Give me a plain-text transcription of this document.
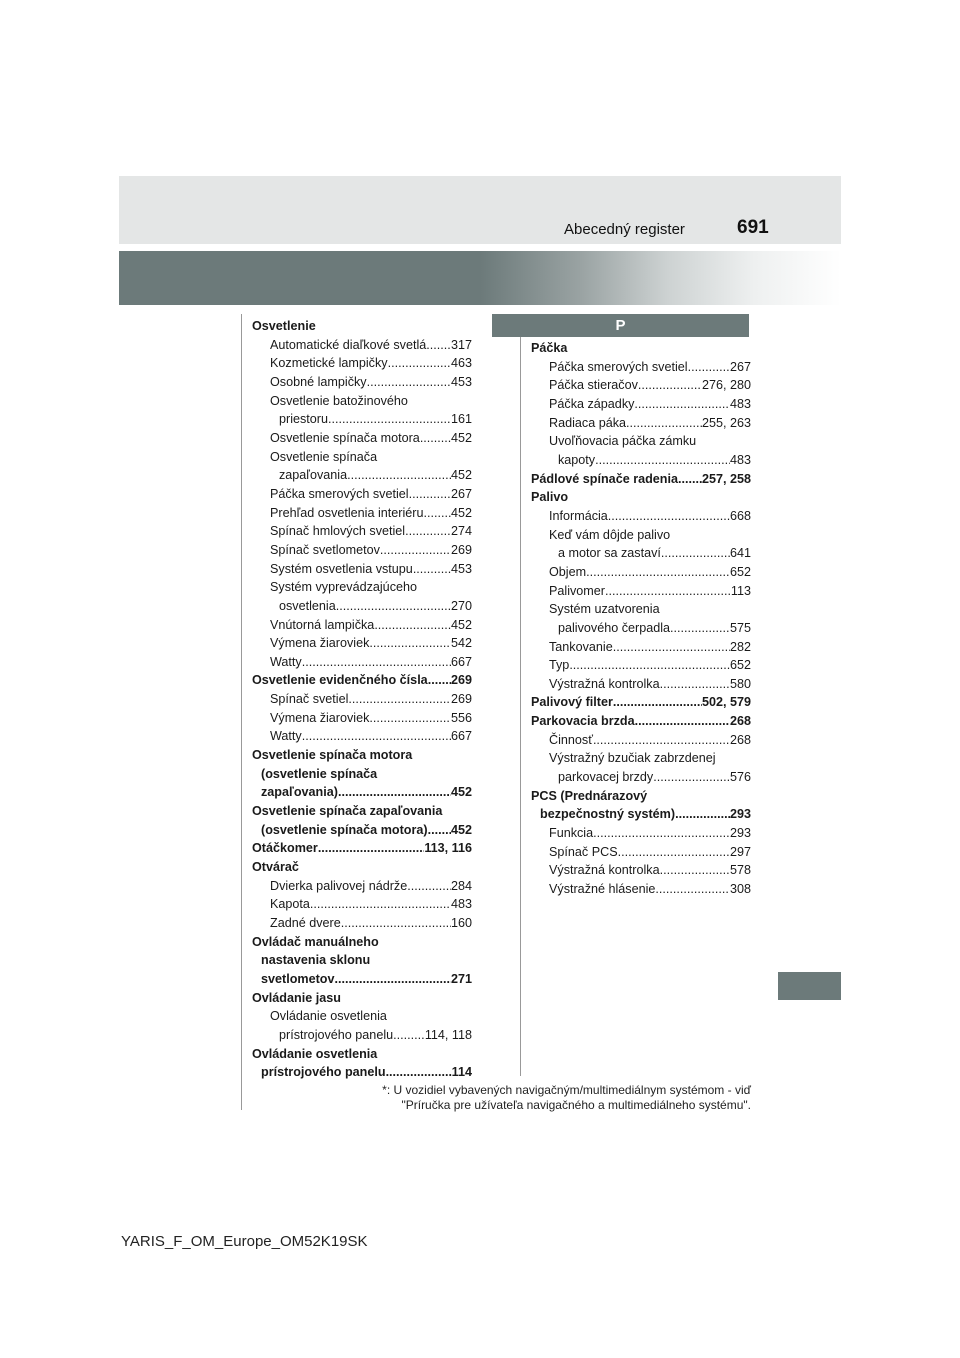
Abecedný register	691
P
Osvetlenie
Automatické diaľkové svetlá ..... 317
Kozmetické lampičky .....	463
Osobné lampičky .....	453
Osvetlenie batožinového
priestoru .....	161
Osvetlenie spínača motora ..... 452
Osvetlenie spínača
zapaľovania .....	452
Páčka smerových svetiel .....	267
Prehľad osvetlenia interiéru ..... 452
Spínač hmlových svetiel .....	274
Spínač svetlometov .....	269
Systém osvetlenia vstupu .....	453
Systém vyprevádzajúceho
osvetlenia .....	270
Vnútorná lampička .....	452
Výmena žiaroviek .....	542
Watty .....	667
Osvetlenie evidenčného čísla ..... 269
Spínač svetiel .....	269
Výmena žiaroviek .....	556
Watty .....	667
Osvetlenie spínača motora
(osvetlenie spínača
zapaľovania) .....	452
Osvetlenie spínača zapaľovania
(osvetlenie spínača motora) ..... 452
Otáčkomer .....	113, 116
Otvárač
Dvierka palivovej nádrže .....	284
Kapota .....	483
Zadné dvere .....	160
Ovládač manuálneho
nastavenia sklonu
svetlometov .....	271
Ovládanie jasu
Ovládanie osvetlenia
prístrojového panelu .....	114, 118
Ovládanie osvetlenia
prístrojového panelu .....	114
Páčka
Páčka smerových svetiel .....	267
Páčka stieračov .....	276, 280
Páčka západky .....	483
Radiaca páka .....	255, 263
Uvoľňovacia páčka zámku
kapoty .....	483
Pádlové spínače radenia ..... 257, 258
Palivo
Informácia .....	668
Keď vám dôjde palivo
a motor sa zastaví .....	641
Objem .....	652
Palivomer .....	113
Systém uzatvorenia
palivového čerpadla .....	575
Tankovanie .....	282
Typ .....	652
Výstražná kontrolka .....	580
Palivový filter .....	502, 579
Parkovacia brzda .....	268
Činnosť .....	268
Výstražný bzučiak zabrzdenej
parkovacej brzdy .....	576
PCS (Prednárazový
bezpečnostný systém) .....	293
Funkcia .....	293
Spínač PCS .....	297
Výstražná kontrolka .....	578
Výstražné hlásenie .....	308
*: U vozidiel vybavených navigačným/multimediálnym systémom - viď
"Príručka pre užívateľa navigačného a multimediálneho systému".
YARIS_F_OM_Europe_OM52K19SK
